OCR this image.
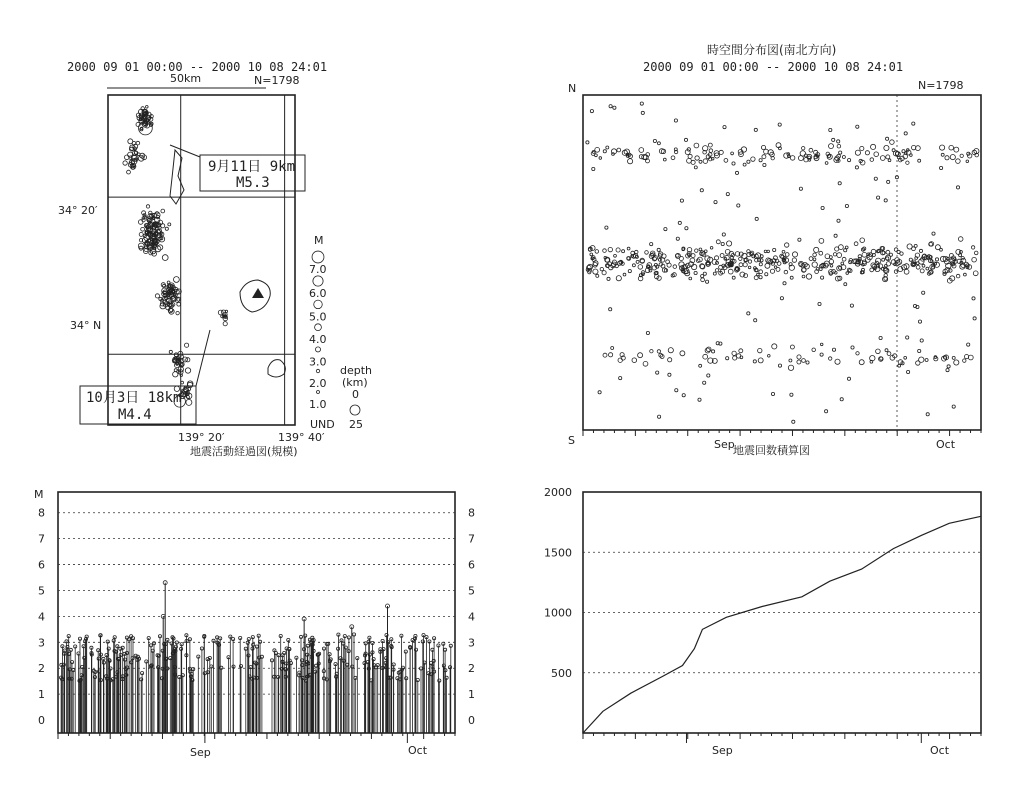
2000 09 01 00:00 -- 2000 10 08 24:01
50km	N=1798
34° 20′
34° N
139° 20′	139° 40′
地震活動経過図(規模)
9月11日 9km
M5.3
10月3日 18km
M4.4
M
7.0
6.0
5.0
4.0
3.0
2.0
1.0
UND
depth
(km)
0
25
時空間分布図(南北方向)
2000 09 01 00:00 -- 2000 10 08 24:01
N=1798
N
S	Sep	Oct
地震回数積算図
0	0
1	1
2	2
3	3
4	4
5	5
6	6
7	7
8	8
M
Sep	Oct
500
1000
1500
2000
Sep	Oct
